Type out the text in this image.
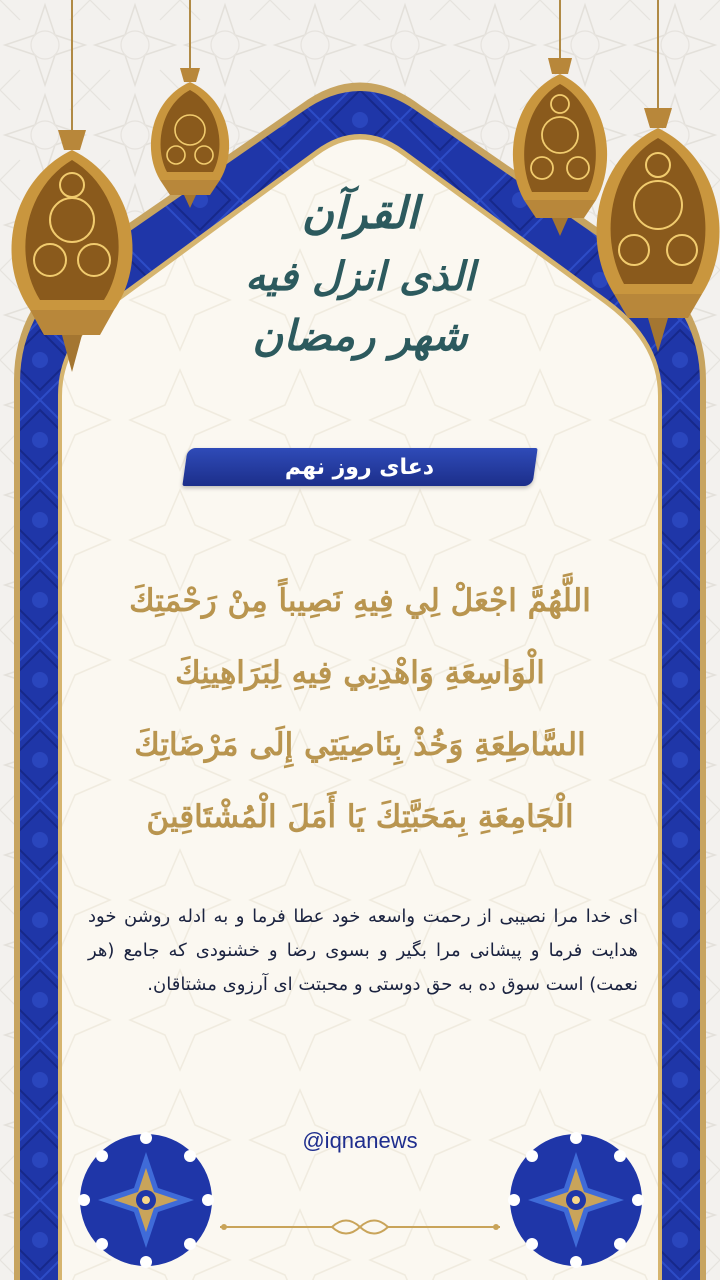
القرآن
الذی انزل فیه
شهر رمضان
دعای روز نهم
اللَّهُمَّ اجْعَلْ لِي فِيهِ نَصِيباً مِنْ رَحْمَتِكَ
الْوَاسِعَةِ وَاهْدِنِي فِيهِ لِبَرَاهِينِكَ
السَّاطِعَةِ وَخُذْ بِنَاصِيَتِي إِلَى مَرْضَاتِكَ
الْجَامِعَةِ بِمَحَبَّتِكَ يَا أَمَلَ الْمُشْتَاقِينَ
ای خدا مرا نصیبی از رحمت واسعه خود عطا فرما و به ادله روشن خود هدایت فرما و پیشانی مرا بگیر و بسوی رضا و خشنودی که جامع (هر نعمت) است سوق ده به حق دوستی و محبتت ای آرزوی مشتاقان.
@iqnanews
